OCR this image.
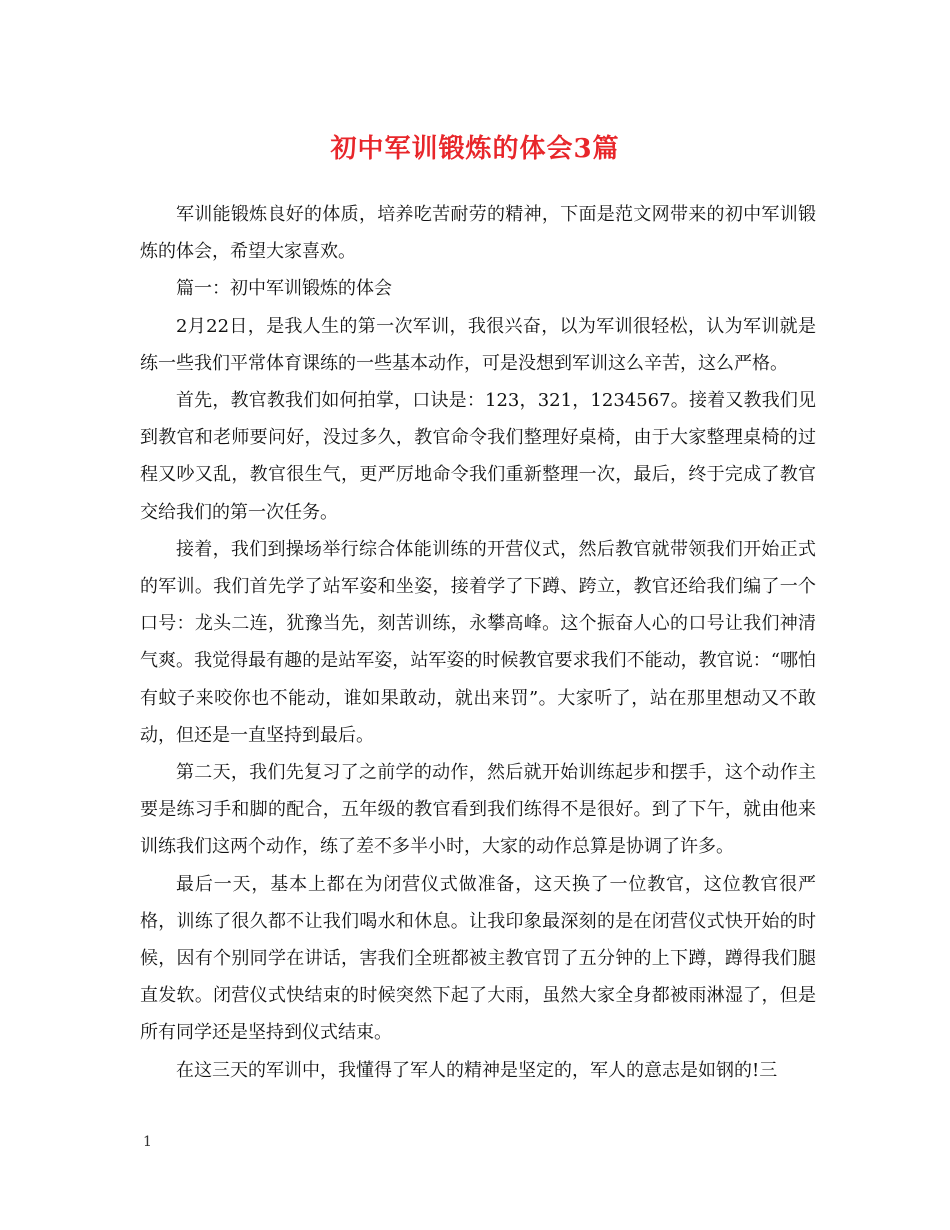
初中军训锻炼的体会3篇

军训能锻炼良好的体质，培养吃苦耐劳的精神，下面是范文网带来的初中军训锻炼的体会，希望大家喜欢。

篇一：初中军训锻炼的体会

2月22日，是我人生的第一次军训，我很兴奋，以为军训很轻松，认为军训就是练一些我们平常体育课练的一些基本动作，可是没想到军训这么辛苦，这么严格。

首先，教官教我们如何拍掌，口诀是：123，321，1234567。接着又教我们见到教官和老师要问好，没过多久，教官命令我们整理好桌椅，由于大家整理桌椅的过程又吵又乱，教官很生气，更严厉地命令我们重新整理一次，最后，终于完成了教官交给我们的第一次任务。

接着，我们到操场举行综合体能训练的开营仪式，然后教官就带领我们开始正式的军训。我们首先学了站军姿和坐姿，接着学了下蹲、跨立，教官还给我们编了一个口号：龙头二连，犹豫当先，刻苦训练，永攀高峰。这个振奋人心的口号让我们神清气爽。我觉得最有趣的是站军姿，站军姿的时候教官要求我们不能动，教官说：“哪怕有蚊子来咬你也不能动，谁如果敢动，就出来罚”。大家听了，站在那里想动又不敢动，但还是一直坚持到最后。

第二天，我们先复习了之前学的动作，然后就开始训练起步和摆手，这个动作主要是练习手和脚的配合，五年级的教官看到我们练得不是很好。到了下午，就由他来训练我们这两个动作，练了差不多半小时，大家的动作总算是协调了许多。

最后一天，基本上都在为闭营仪式做准备，这天换了一位教官，这位教官很严格，训练了很久都不让我们喝水和休息。让我印象最深刻的是在闭营仪式快开始的时候，因有个别同学在讲话，害我们全班都被主教官罚了五分钟的上下蹲，蹲得我们腿直发软。闭营仪式快结束的时候突然下起了大雨，虽然大家全身都被雨淋湿了，但是所有同学还是坚持到仪式结束。

在这三天的军训中，我懂得了军人的精神是坚定的，军人的意志是如钢的!三

1
